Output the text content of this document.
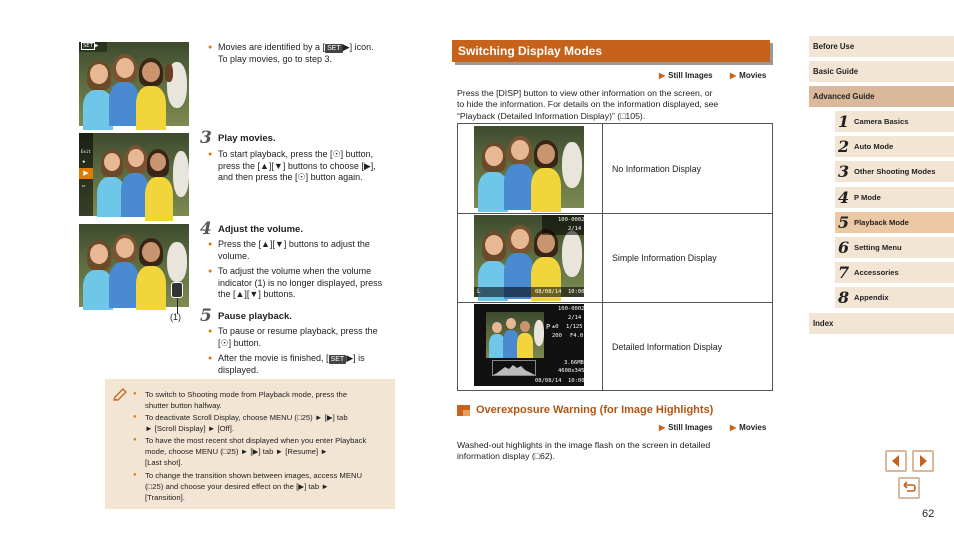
SET ▶
Exit
★
▶
✂
(1)
● Movies are identified by a [ SET ▶] icon.
To play movies, go to step 3.
3 Play movies.
● To start playback, press the [☉] button,
press the [▲][▼] buttons to choose [▶],
and then press the [☉] button again.
4 Adjust the volume.
● Press the [▲][▼] buttons to adjust the
volume.
● To adjust the volume when the volume
indicator (1) is no longer displayed, press
the [▲][▼] buttons.
5 Pause playback.
● To pause or resume playback, press the
[☉] button.
● After the movie is finished, [ SET ▶] is
displayed.
● To switch to Shooting mode from Playback mode, press the
shutter button halfway.
● To deactivate Scroll Display, choose MENU (□25) ► [▶] tab
► [Scroll Display] ► [Off].
● To have the most recent shot displayed when you enter Playback
mode, choose MENU (□25) ► [▶] tab ► [Resume] ►
[Last shot].
● To change the transition shown between images, access MENU
(□25) and choose your desired effect on the [▶] tab ►
[Transition].
Switching Display Modes
▶ Still Images	▶ Movies
Press the [DISP] button to view other information on the screen, or
to hide the information. For details on the information displayed, see
“Playback (Detailed Information Display)” (□105).
No Information Display
Simple Information Display
Detailed Information Display
100-0002
2/14
L	08/08/14 10:00
100-0002
2/14
P ±0 1/125
200 F4.0
3.66MB
4608x3456
08/08/14 10:00
Overexposure Warning (for Image Highlights)
▶ Still Images	▶ Movies
Washed-out highlights in the image flash on the screen in detailed
information display (□62).
Before Use
Basic Guide
Advanced Guide
1 Camera Basics
2 Auto Mode
3 Other Shooting Modes
4 P Mode
5 Playback Mode
6 Setting Menu
7 Accessories
8 Appendix
Index
62
